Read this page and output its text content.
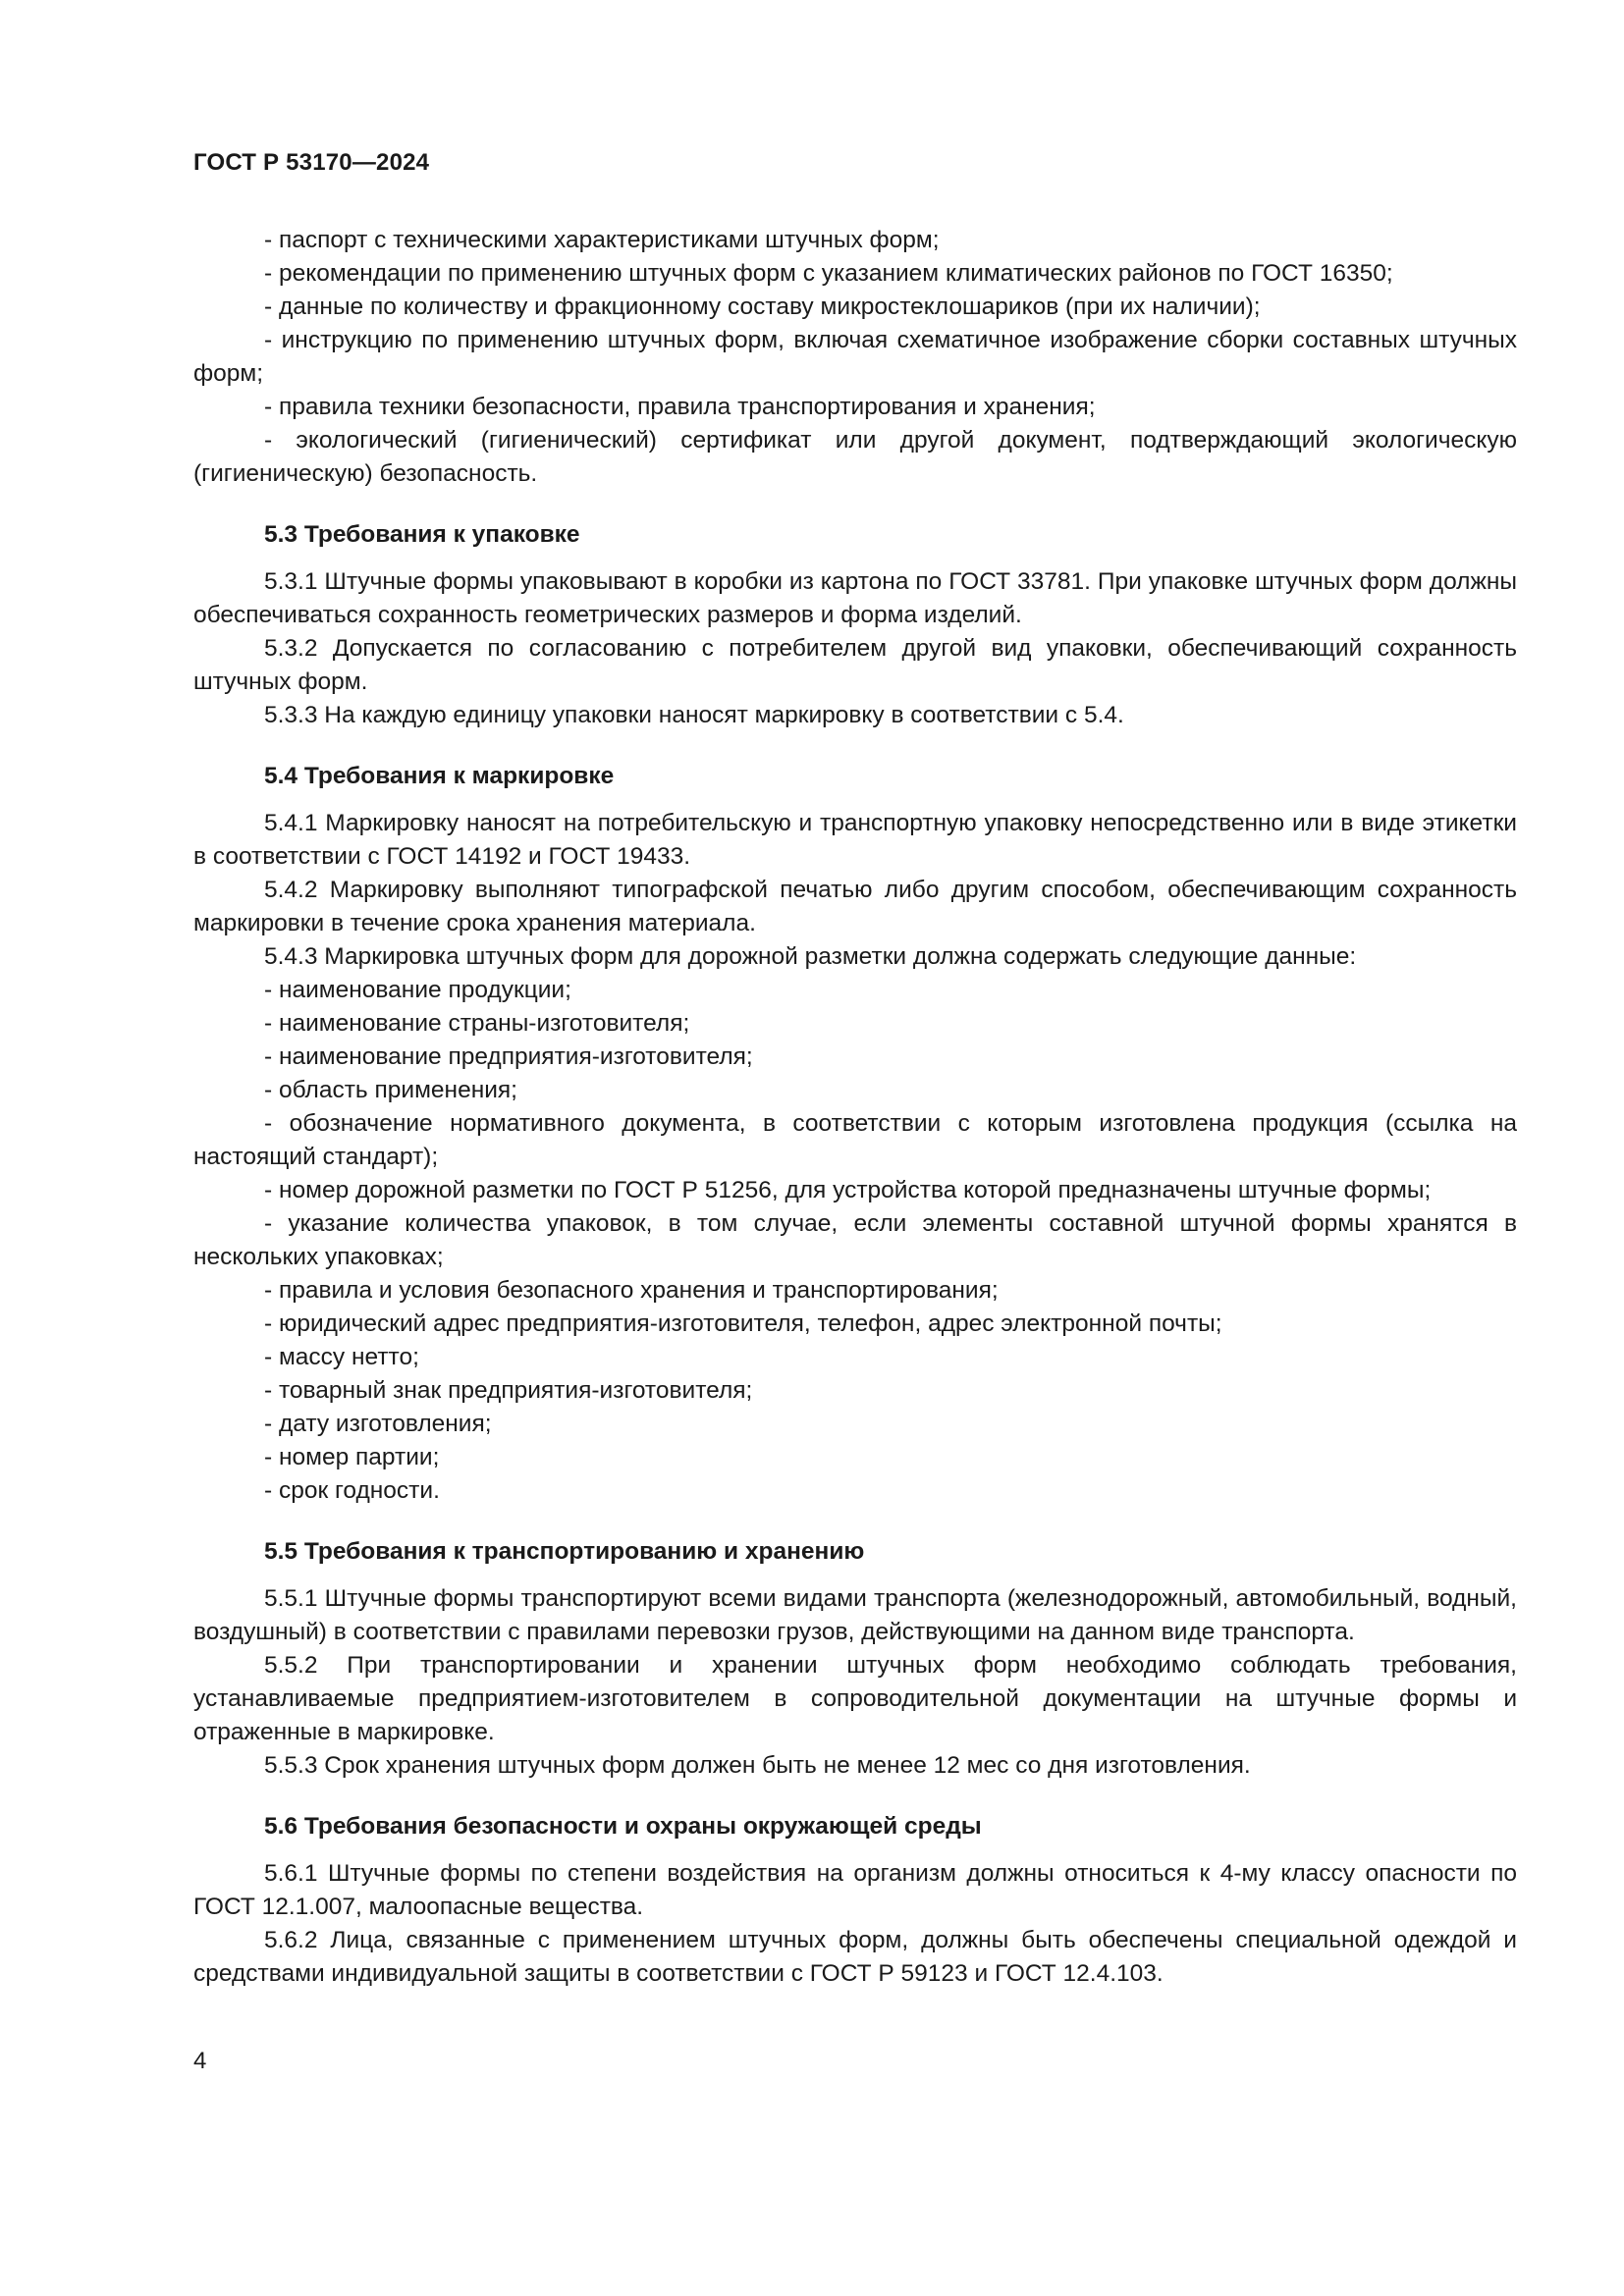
ГОСТ Р 53170—2024

- паспорт с техническими характеристиками штучных форм;

- рекомендации по применению штучных форм с указанием климатических районов по ГОСТ 16350;

- данные по количеству и фракционному составу микростеклошариков (при их наличии);

- инструкцию по применению штучных форм, включая схематичное изображение сборки составных штучных форм;

- правила техники безопасности, правила транспортирования и хранения;

- экологический (гигиенический) сертификат или другой документ, подтверждающий экологическую (гигиеническую) безопасность.

5.3 Требования к упаковке

5.3.1 Штучные формы упаковывают в коробки из картона по ГОСТ 33781. При упаковке штучных форм должны обеспечиваться сохранность геометрических размеров и форма изделий.

5.3.2 Допускается по согласованию с потребителем другой вид упаковки, обеспечивающий сохранность штучных форм.

5.3.3 На каждую единицу упаковки наносят маркировку в соответствии с 5.4.

5.4 Требования к маркировке

5.4.1 Маркировку наносят на потребительскую и транспортную упаковку непосредственно или в виде этикетки в соответствии с ГОСТ 14192 и ГОСТ 19433.

5.4.2 Маркировку выполняют типографской печатью либо другим способом, обеспечивающим сохранность маркировки в течение срока хранения материала.

5.4.3 Маркировка штучных форм для дорожной разметки должна содержать следующие данные:

- наименование продукции;

- наименование страны-изготовителя;

- наименование предприятия-изготовителя;

- область применения;

- обозначение нормативного документа, в соответствии с которым изготовлена продукция (ссылка на настоящий стандарт);

- номер дорожной разметки по ГОСТ Р 51256, для устройства которой предназначены штучные формы;

- указание количества упаковок, в том случае, если элементы составной штучной формы хранятся в нескольких упаковках;

- правила и условия безопасного хранения и транспортирования;

- юридический адрес предприятия-изготовителя, телефон, адрес электронной почты;

- массу нетто;

- товарный знак предприятия-изготовителя;

- дату изготовления;

- номер партии;

- срок годности.

5.5 Требования к транспортированию и хранению

5.5.1 Штучные формы транспортируют всеми видами транспорта (железнодорожный, автомобильный, водный, воздушный) в соответствии с правилами перевозки грузов, действующими на данном виде транспорта.

5.5.2 При транспортировании и хранении штучных форм необходимо соблюдать требования, устанавливаемые предприятием-изготовителем в сопроводительной документации на штучные формы и отраженные в маркировке.

5.5.3 Срок хранения штучных форм должен быть не менее 12 мес со дня изготовления.

5.6 Требования безопасности и охраны окружающей среды

5.6.1 Штучные формы по степени воздействия на организм должны относиться к 4-му классу опасности по ГОСТ 12.1.007, малоопасные вещества.

5.6.2 Лица, связанные с применением штучных форм, должны быть обеспечены специальной одеждой и средствами индивидуальной защиты в соответствии с ГОСТ Р 59123 и ГОСТ 12.4.103.

4
